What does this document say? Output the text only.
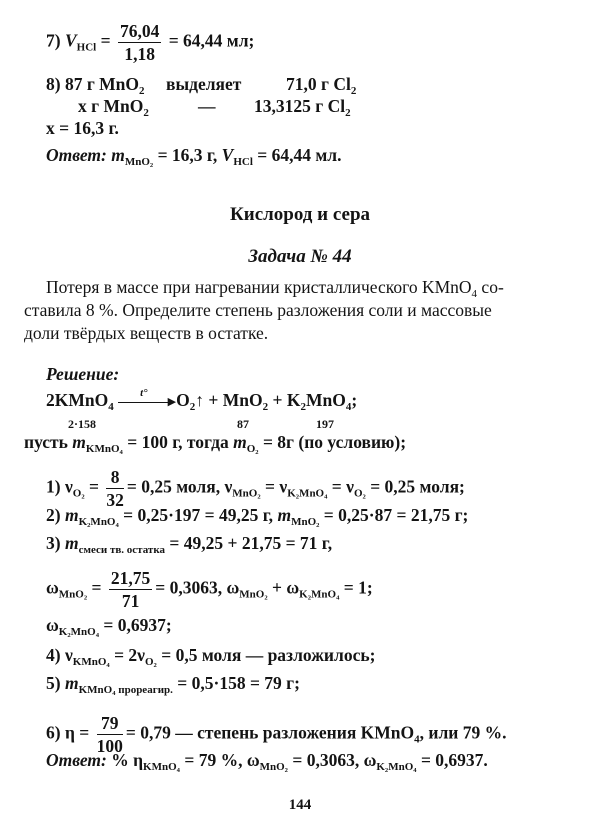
7) $V_{HCl} = \frac{76,04}{1,18} = 64,44$ мл;
8) 87 г MnO$_2$ выделяет	71,0 г $Cl_2$
x г MnO$_2$	— 13,3125 г $Cl_2$
x = 16,3 г.
Ответ: $m_{MnO_2} = 16,3$ г, $V_{HCl} = 64,44$ мл.
Кислород и сера
Задача № 44
Потеря в массе при нагревании кристаллического KMnO$_4$ со-
ставила 8 %. Определите степень разложения соли и массовые
доли твёрдых веществ в остатке.
Решение:
2KMnO$_4$	▶
t° $O_2↑ + MnO_2 + K_2MnO_4$;
2·158	87	197
пусть $m_{KMnO_4} = 100$ г, тогда $m_{O_2} = 8г$ (по условию);
1) $\nu_{O_2} = \frac{8}{32} = 0,25$ моля, $\nu_{MnO_2} = \nu_{K_2MnO_4} = \nu_{O_2} = 0,25$ моля;
2) $m_{K_2MnO_4} = 0,25\cdot 197 = 49,25$ г, $m_{MnO_2} = 0,25\cdot 87 = 21,75$ г;
3) $m_{смеси тв. остатка} = 49,25 + 21,75 = 71$ г,
$\omega_{MnO_2} = \frac{21,75}{71} = 0,3063$, $\omega_{MnO_2} + \omega_{K_2MnO_4} = 1$;
$\omega_{K_2MnO_4} = 0,6937$;
4) $\nu_{KMnO_4} = 2\nu_{O_2} = 0,5$ моля — разложилось;
5) $m_{KMnO_4 прореагир.} = 0,5\cdot 158 = 79$ г;
6) $\eta = \frac{79}{100} = 0,79$ — степень разложения KMnO$_4$, или 79 %.
Ответ: % $\eta_{KMnO_4} = 79$ %, $\omega_{MnO_2} = 0,3063$, $\omega_{K_2MnO_4} = 0,6937$.
144
